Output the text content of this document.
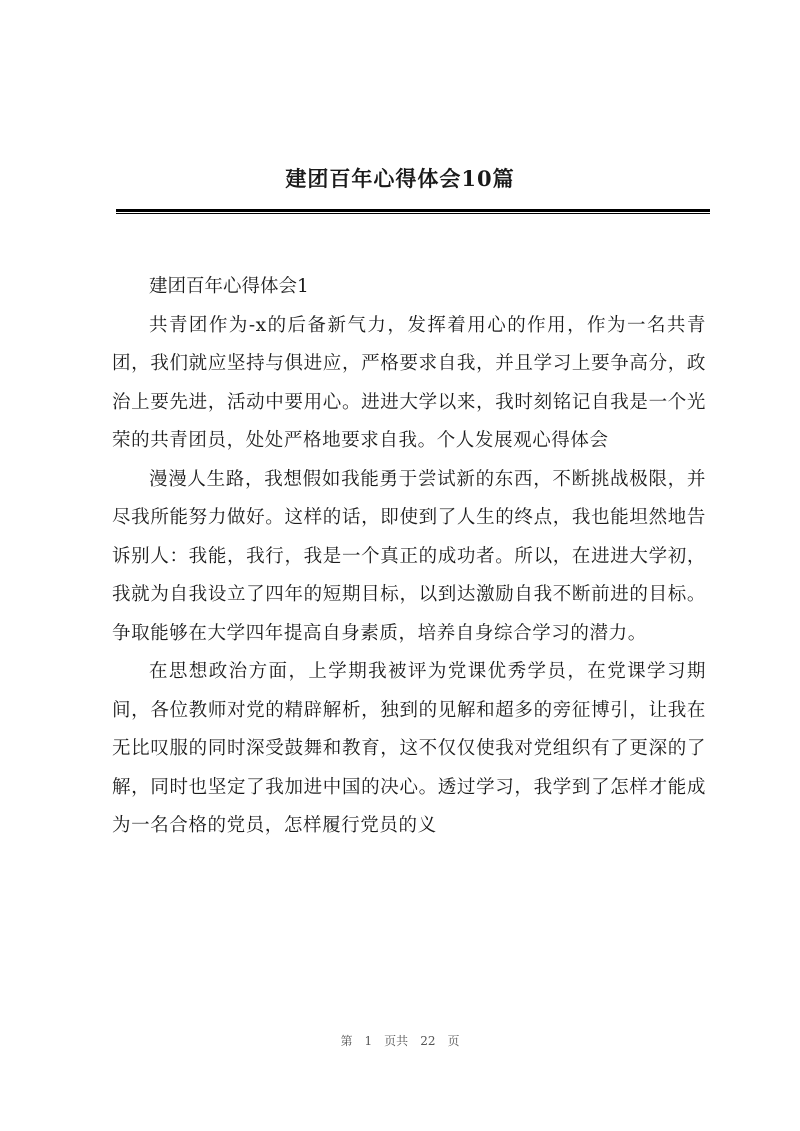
建团百年心得体会10篇

建团百年心得体会1

共青团作为-x的后备新气力，发挥着用心的作用，作为一名共青团，我们就应坚持与俱进应，严格要求自我，并且学习上要争高分，政治上要先进，活动中要用心。进进大学以来，我时刻铭记自我是一个光荣的共青团员，处处严格地要求自我。个人发展观心得体会

漫漫人生路，我想假如我能勇于尝试新的东西，不断挑战极限，并尽我所能努力做好。这样的话，即使到了人生的终点，我也能坦然地告诉别人：我能，我行，我是一个真正的成功者。所以，在进进大学初，我就为自我设立了四年的短期目标，以到达激励自我不断前进的目标。争取能够在大学四年提高自身素质，培养自身综合学习的潜力。

在思想政治方面，上学期我被评为党课优秀学员，在党课学习期间，各位教师对党的精辟解析，独到的见解和超多的旁征博引，让我在无比叹服的同时深受鼓舞和教育，这不仅仅使我对党组织有了更深的了解，同时也坚定了我加进中国的决心。透过学习，我学到了怎样才能成为一名合格的党员，怎样履行党员的义

第 1 页共 22 页
